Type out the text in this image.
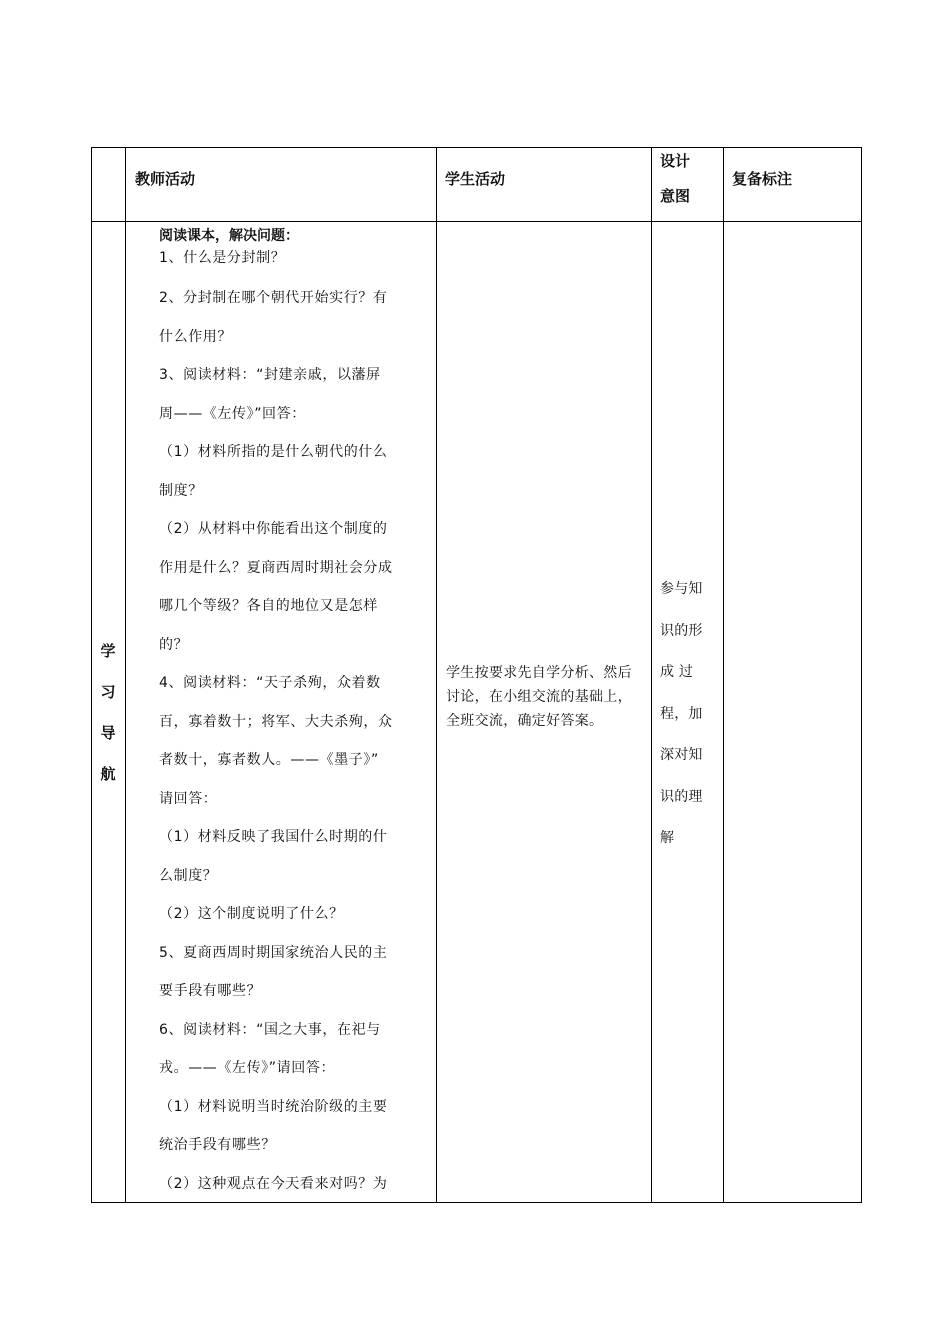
教师活动	学生活动
设计
意图
复备标注
学
习
导
航

阅读课本，解决问题：

1、什么是分封制？

2、分封制在哪个朝代开始实行？有

什么作用？

3、阅读材料：“封建亲戚，以藩屏

周——《左传》”回答：

（1）材料所指的是什么朝代的什么

制度？

（2）从材料中你能看出这个制度的

作用是什么？夏商西周时期社会分成

哪几个等级？各自的地位又是怎样

的？

4、阅读材料：“天子杀殉，众着数

百，寡着数十；将军、大夫杀殉，众

者数十，寡者数人。——《墨子》”

请回答：

（1）材料反映了我国什么时期的什

么制度？

（2）这个制度说明了什么？

5、夏商西周时期国家统治人民的主

要手段有哪些？

6、阅读材料：“国之大事，在祀与

戎。——《左传》”请回答：

（1）材料说明当时统治阶级的主要

统治手段有哪些？

（2）这种观点在今天看来对吗？为

学生按要求先自学分析、然后讨论，在小组交流的基础上，全班交流，确定好答案。

参与知

识的形

成 过

程，加

深对知

识的理

解
